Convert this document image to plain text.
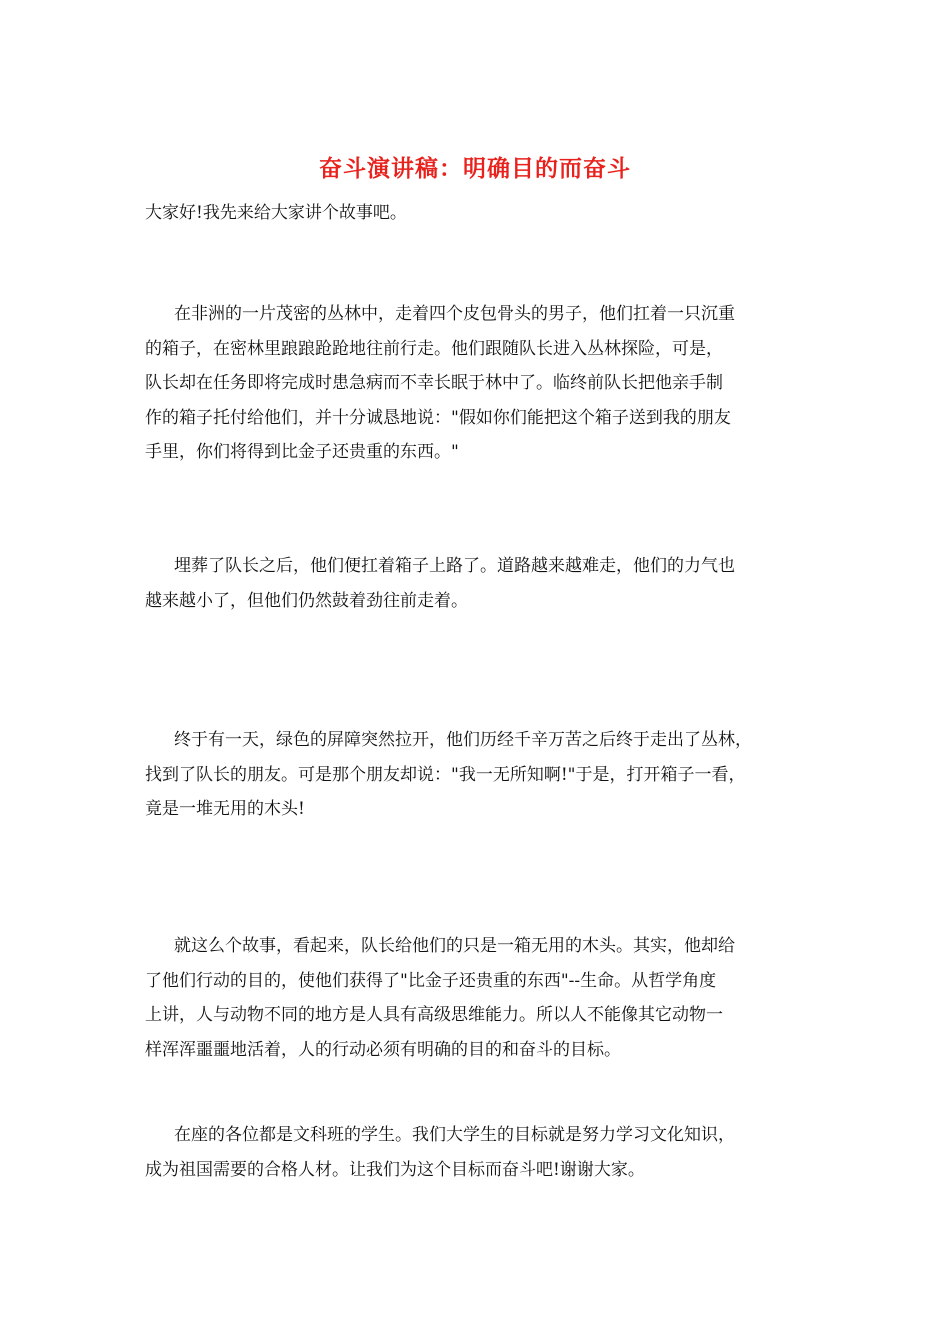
奋斗演讲稿：明确目的而奋斗
大家好!我先来给大家讲个故事吧。

在非洲的一片茂密的丛林中，走着四个皮包骨头的男子，他们扛着一只沉重
的箱子，在密林里踉踉跄跄地往前行走。他们跟随队长进入丛林探险，可是，
队长却在任务即将完成时患急病而不幸长眠于林中了。临终前队长把他亲手制
作的箱子托付给他们，并十分诚恳地说："假如你们能把这个箱子送到我的朋友
手里，你们将得到比金子还贵重的东西。"

埋葬了队长之后，他们便扛着箱子上路了。道路越来越难走，他们的力气也
越来越小了，但他们仍然鼓着劲往前走着。

终于有一天，绿色的屏障突然拉开，他们历经千辛万苦之后终于走出了丛林，
找到了队长的朋友。可是那个朋友却说："我一无所知啊!"于是，打开箱子一看，
竟是一堆无用的木头!

就这么个故事，看起来，队长给他们的只是一箱无用的木头。其实，他却给
了他们行动的目的，使他们获得了"比金子还贵重的东西"--生命。从哲学角度
上讲，人与动物不同的地方是人具有高级思维能力。所以人不能像其它动物一
样浑浑噩噩地活着，人的行动必须有明确的目的和奋斗的目标。

在座的各位都是文科班的学生。我们大学生的目标就是努力学习文化知识，
成为祖国需要的合格人材。让我们为这个目标而奋斗吧!谢谢大家。
